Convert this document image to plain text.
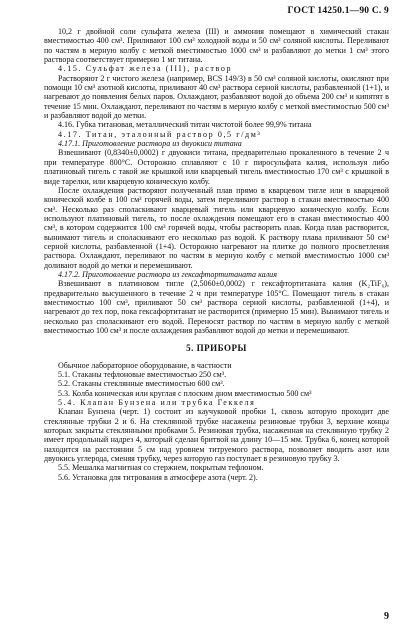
ГОСТ 14250.1—90 С. 9

10,2 г двойной соли сульфата железа (III) и аммония помещают в химический стакан вместимостью 400 см³. Приливают 100 см³ холодной воды и 50 см³ соляной кислоты. Переливают по частям в мерную колбу с меткой вместимостью 1000 см³ и разбавляют до метки 1 см³ этого раствора соответствует примерно 1 мг титана.

4.15. Сульфат железа (III), раствор

Растворяют 2 г чистого железа (например, BCS 149/3) в 50 см³ соляной кислоты, окисляют при помощи 10 см³ азотной кислоты, приливают 40 см³ раствора серной кислоты, разбавленной (1+1), и нагревают до появления белых паров. Охлаждают, разбавляют водой до объема 200 см³ и кипятят в течение 15 мин. Охлаждают, переливают по частям в мерную колбу с меткой вместимостью 500 см³ и разбавляют водой до метки.

4.16. Губка титановая, металлический титан чистотой более 99,9% титана

4.17. Титан, эталонный раствор 0,5 г/дм³

4.17.1. Приготовление раствора из двуокиси титана

Взвешивают (0,8340±0,0002) г двуокиси титана, предварительно прокаленного в течение 2 ч при температуре 800°С. Осторожно сплавляют с 10 г пиросульфата калия, используя либо платиновый тигель с такой же крышкой или кварцевый тигель вместимостью 170 см³ с крышкой в виде тарелки, или кварцевую коническую колбу.

После охлаждения растворяют полученный плав прямо в кварцевом тигле или в кварцевой конической колбе в 100 см³ горячей воды, затем переливают раствор в стакан вместимостью 400 см³. Несколько раз споласкивают кварцевый тигель или кварцевую коническую колбу. Если используют платиновый тигель, то после охлаждения помещают его в стакан вместимостью 400 см³, в котором содержится 100 см³ горячей воды, чтобы растворить плав. Когда плав растворится, вынимают тигель и споласкивают его несколько раз водой. К раствору плава приливают 50 см³ серной кислоты, разбавленной (1+4). Осторожно нагревают на плитке до полного просветления раствора. Охлаждают, переливают по частям в мерную колбу с меткой вместимостью 1000 см³ доливают водой до метки и перемешивают.

4.17.2. Приготовление раствора из гексафтортитаната калия

Взвешивают в платиновом тигле (2,5060±0,0002) г гексафтортитаната калия (K₂TiF₆), предварительно высушенного в течение 2 ч при температуре 105°С. Помещают тигель в стакан вместимостью 100 см³, приливают 50 см³ раствора серной кислоты, разбавленной (1+4), и нагревают до тех пор, пока гексафортитанат не растворится (примерно 15 мин). Вынимают тигель и несколько раз споласкивают его водой. Переносят раствор по частям в мерную колбу с меткой вместимостью 100 см³ и после охлаждения разбавляют водой до метки и перемешивают.

5. ПРИБОРЫ

Обычное лабораторное оборудование, в частности

5.1. Стаканы тефлоновые вместимостью 250 см³.

5.2. Стаканы стеклянные вместимостью 600 см³.

5.3. Колба коническая или круглая с плоским дном вместимостью 500 см³

5.4. Клапан Бунзена или трубка Геккеля

Клапан Бунзена (черт. 1) состоит из каучуковой пробки 1, сквозь которую проходит две стеклянные трубки 2 и 6. На стеклянной трубке насажены резиновые трубки 3, верхние концы которых закрыты стеклянными пробками 5. Резиновая трубка, насаженная на стеклянную трубку 2 имеет продольный надрез 4, который сделан бритвой на длину 10—15 мм. Трубка 6, конец которой находится на расстоянии 5 см над уровнем титруемого раствора, позволяет вводить азот или двуокись углерода, сменяя трубку, через которую газ поступает в резиновую трубку 3.

5.5. Мешалка магнитная со стержнем, покрытым тефлоном.

5.6. Установка для титрования в атмосфере азота (черт. 2).

9
